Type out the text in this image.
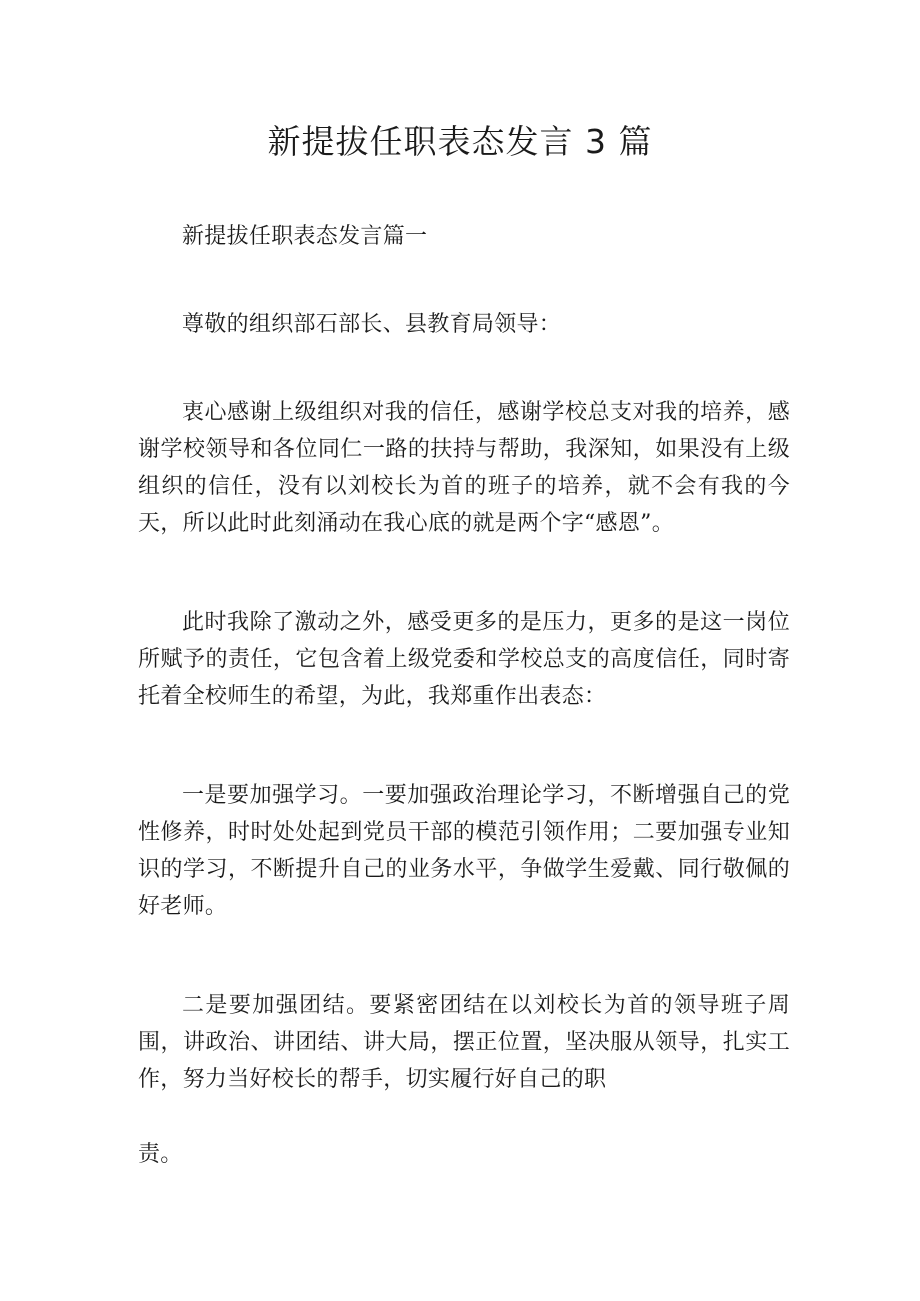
新提拔任职表态发言 3 篇

新提拔任职表态发言篇一

尊敬的组织部石部长、县教育局领导：

衷心感谢上级组织对我的信任，感谢学校总支对我的培养，感谢学校领导和各位同仁一路的扶持与帮助，我深知，如果没有上级组织的信任，没有以刘校长为首的班子的培养，就不会有我的今天，所以此时此刻涌动在我心底的就是两个字“感恩”。

此时我除了激动之外，感受更多的是压力，更多的是这一岗位所赋予的责任，它包含着上级党委和学校总支的高度信任，同时寄托着全校师生的希望，为此，我郑重作出表态：

一是要加强学习。一要加强政治理论学习，不断增强自己的党性修养，时时处处起到党员干部的模范引领作用；二要加强专业知识的学习，不断提升自己的业务水平，争做学生爱戴、同行敬佩的好老师。

二是要加强团结。要紧密团结在以刘校长为首的领导班子周围，讲政治、讲团结、讲大局，摆正位置，坚决服从领导，扎实工作，努力当好校长的帮手，切实履行好自己的职

责。
